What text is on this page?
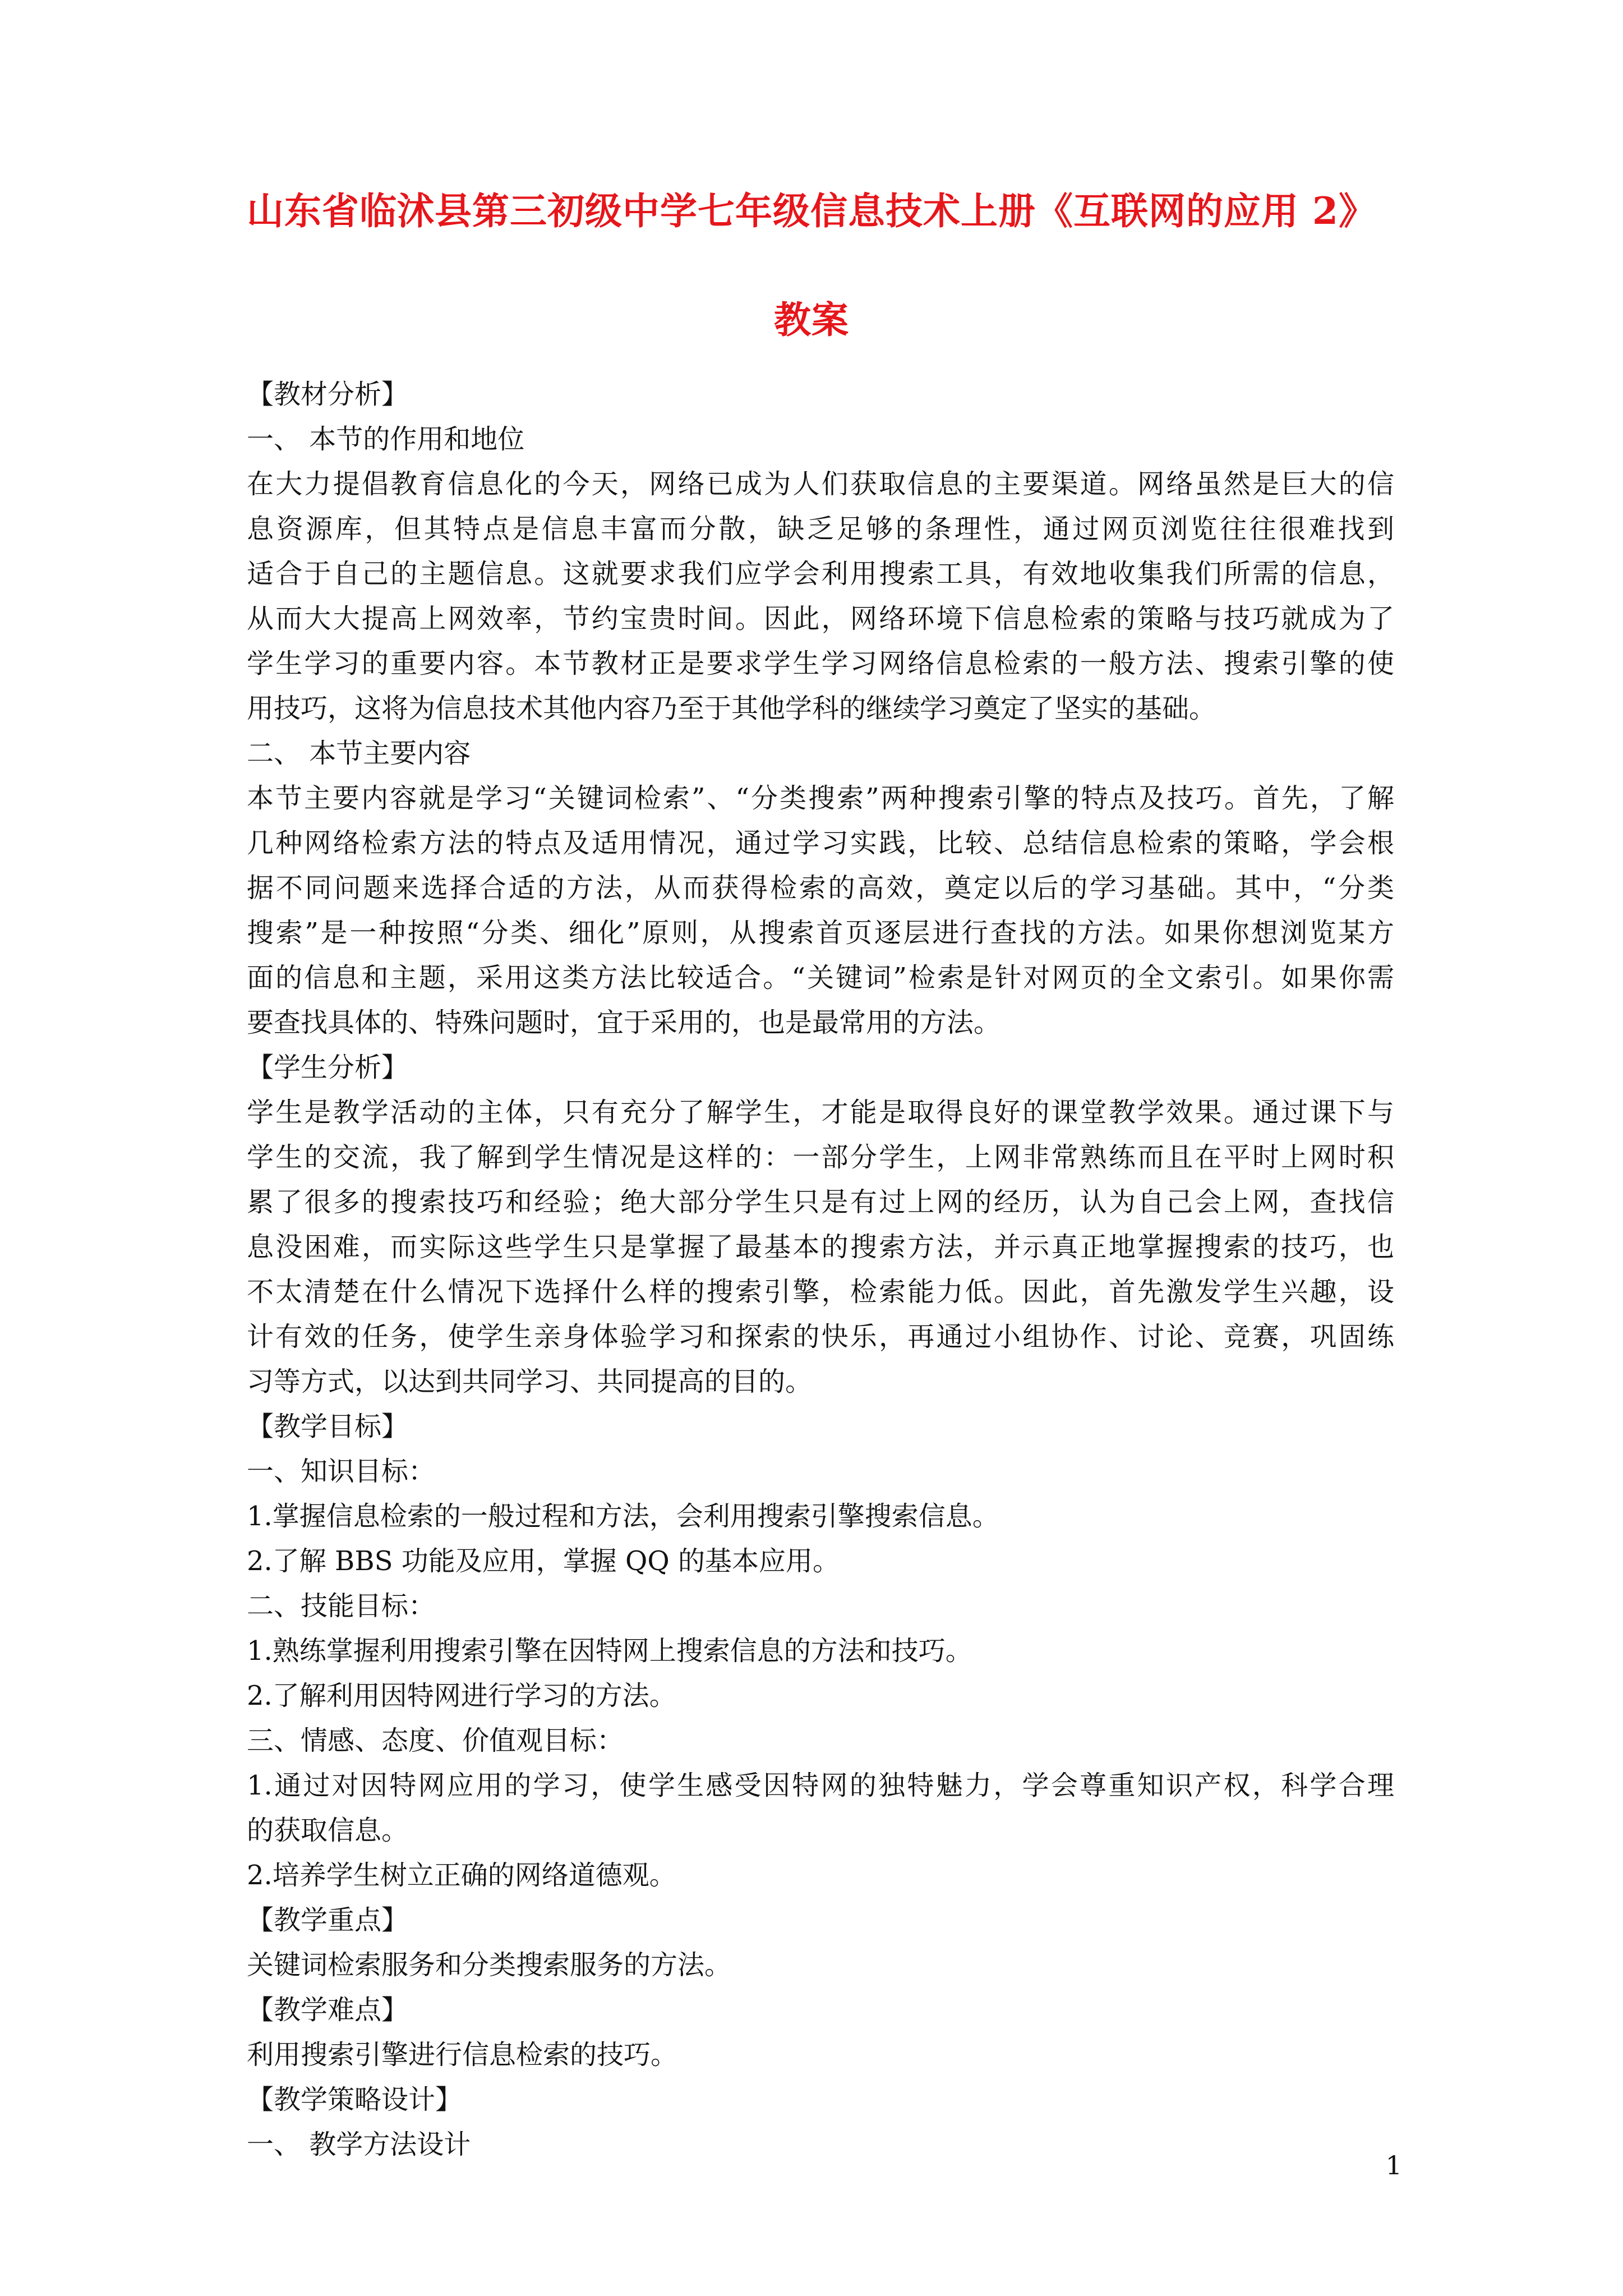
山东省临沭县第三初级中学七年级信息技术上册《互联网的应用 2》
教案
【教材分析】
一、 本节的作用和地位
在大力提倡教育信息化的今天，网络已成为人们获取信息的主要渠道。网络虽然是巨大的信
息资源库，但其特点是信息丰富而分散，缺乏足够的条理性，通过网页浏览往往很难找到
适合于自己的主题信息。这就要求我们应学会利用搜索工具，有效地收集我们所需的信息，
从而大大提高上网效率，节约宝贵时间。因此，网络环境下信息检索的策略与技巧就成为了
学生学习的重要内容。本节教材正是要求学生学习网络信息检索的一般方法、搜索引擎的使
用技巧，这将为信息技术其他内容乃至于其他学科的继续学习奠定了坚实的基础。
二、 本节主要内容
本节主要内容就是学习“关键词检索”、“分类搜索”两种搜索引擎的特点及技巧。首先，了解
几种网络检索方法的特点及适用情况，通过学习实践，比较、总结信息检索的策略，学会根
据不同问题来选择合适的方法，从而获得检索的高效，奠定以后的学习基础。其中，“分类
搜索”是一种按照“分类、细化”原则，从搜索首页逐层进行查找的方法。如果你想浏览某方
面的信息和主题，采用这类方法比较适合。“关键词”检索是针对网页的全文索引。如果你需
要查找具体的、特殊问题时，宜于采用的，也是最常用的方法。
【学生分析】
学生是教学活动的主体，只有充分了解学生，才能是取得良好的课堂教学效果。通过课下与
学生的交流，我了解到学生情况是这样的：一部分学生，上网非常熟练而且在平时上网时积
累了很多的搜索技巧和经验；绝大部分学生只是有过上网的经历，认为自己会上网，查找信
息没困难，而实际这些学生只是掌握了最基本的搜索方法，并示真正地掌握搜索的技巧，也
不太清楚在什么情况下选择什么样的搜索引擎，检索能力低。因此，首先激发学生兴趣，设
计有效的任务，使学生亲身体验学习和探索的快乐，再通过小组协作、讨论、竞赛，巩固练
习等方式，以达到共同学习、共同提高的目的。
【教学目标】
一、知识目标：
1.掌握信息检索的一般过程和方法，会利用搜索引擎搜索信息。
2.了解 BBS 功能及应用，掌握 QQ 的基本应用。
二、技能目标：
1.熟练掌握利用搜索引擎在因特网上搜索信息的方法和技巧。
2.了解利用因特网进行学习的方法。
三、情感、态度、价值观目标：
1.通过对因特网应用的学习，使学生感受因特网的独特魅力，学会尊重知识产权，科学合理
的获取信息。
2.培养学生树立正确的网络道德观。
【教学重点】
关键词检索服务和分类搜索服务的方法。
【教学难点】
利用搜索引擎进行信息检索的技巧。
【教学策略设计】
一、 教学方法设计
1
